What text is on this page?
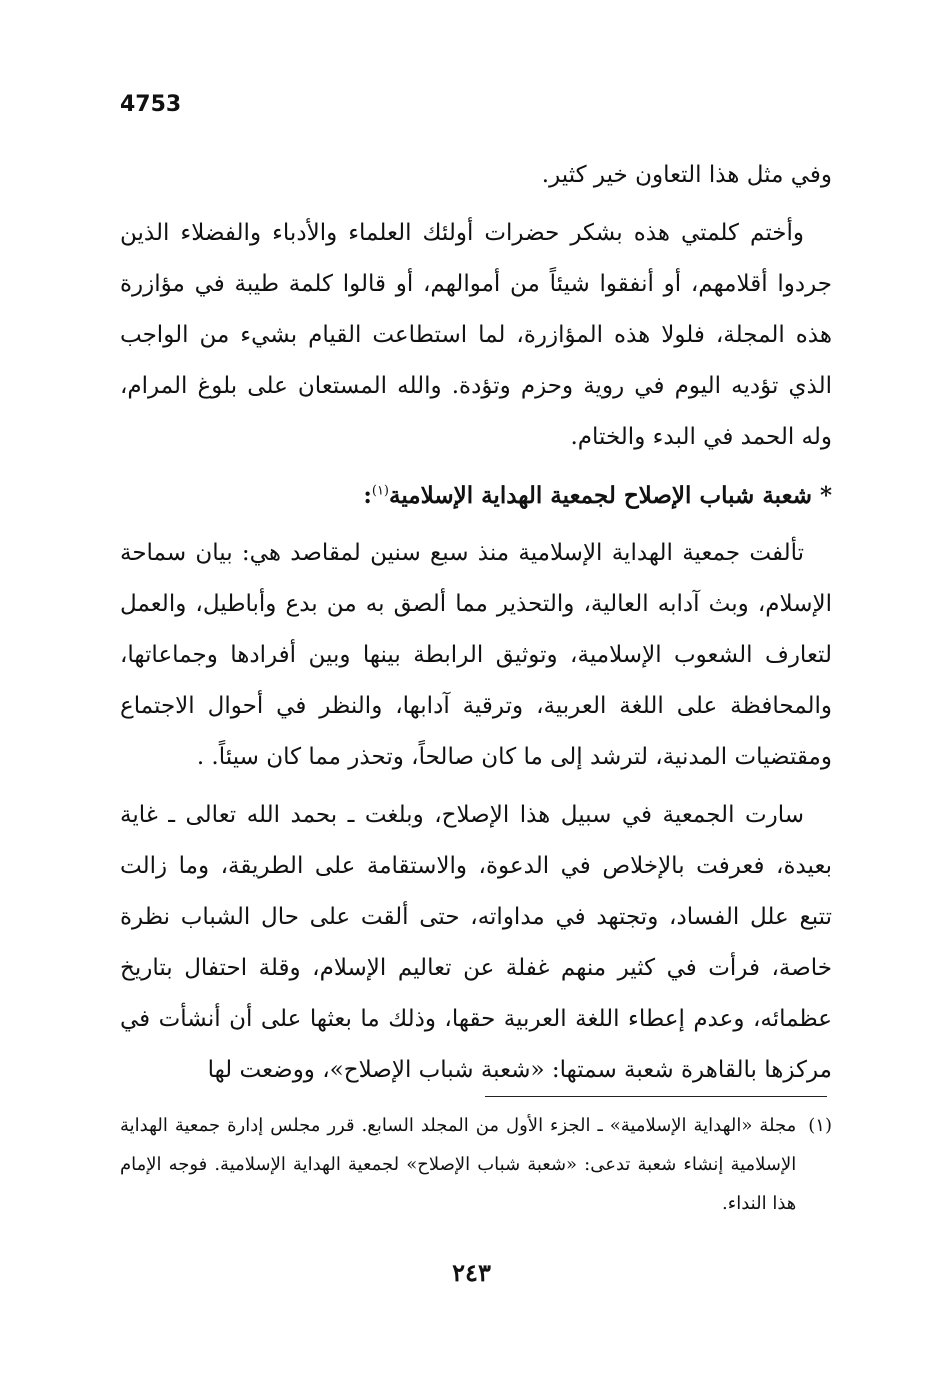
4753

وفي مثل هذا التعاون خير كثير.

وأختم كلمتي هذه بشكر حضرات أولئك العلماء والأدباء والفضلاء الذين جردوا أقلامهم، أو أنفقوا شيئاً من أموالهم، أو قالوا كلمة طيبة في مؤازرة هذه المجلة، فلولا هذه المؤازرة، لما استطاعت القيام بشيء من الواجب الذي تؤديه اليوم في روية وحزم وتؤدة. والله المستعان على بلوغ المرام، وله الحمد في البدء والختام.

* شعبة شباب الإصلاح لجمعية الهداية الإسلامية$^{(١)}$:

تألفت جمعية الهداية الإسلامية منذ سبع سنين لمقاصد هي: بيان سماحة الإسلام، وبث آدابه العالية، والتحذير مما ألصق به من بدع وأباطيل، والعمل لتعارف الشعوب الإسلامية، وتوثيق الرابطة بينها وبين أفرادها وجماعاتها، والمحافظة على اللغة العربية، وترقية آدابها، والنظر في أحوال الاجتماع ومقتضيات المدنية، لترشد إلى ما كان صالحاً، وتحذر مما كان سيئاً. .

سارت الجمعية في سبيل هذا الإصلاح، وبلغت ـ بحمد الله تعالى ـ غاية بعيدة، فعرفت بالإخلاص في الدعوة، والاستقامة على الطريقة، وما زالت تتبع علل الفساد، وتجتهد في مداواته، حتى ألقت على حال الشباب نظرة خاصة، فرأت في كثير منهم غفلة عن تعاليم الإسلام، وقلة احتفال بتاريخ عظمائه، وعدم إعطاء اللغة العربية حقها، وذلك ما بعثها على أن أنشأت في مركزها بالقاهرة شعبة سمتها: «شعبة شباب الإصلاح»، ووضعت لها

(١)
مجلة «الهداية الإسلامية» ـ الجزء الأول من المجلد السابع. قرر مجلس إدارة جمعية الهداية الإسلامية إنشاء شعبة تدعى: «شعبة شباب الإصلاح» لجمعية الهداية الإسلامية. فوجه الإمام هذا النداء.
٢٤٣
